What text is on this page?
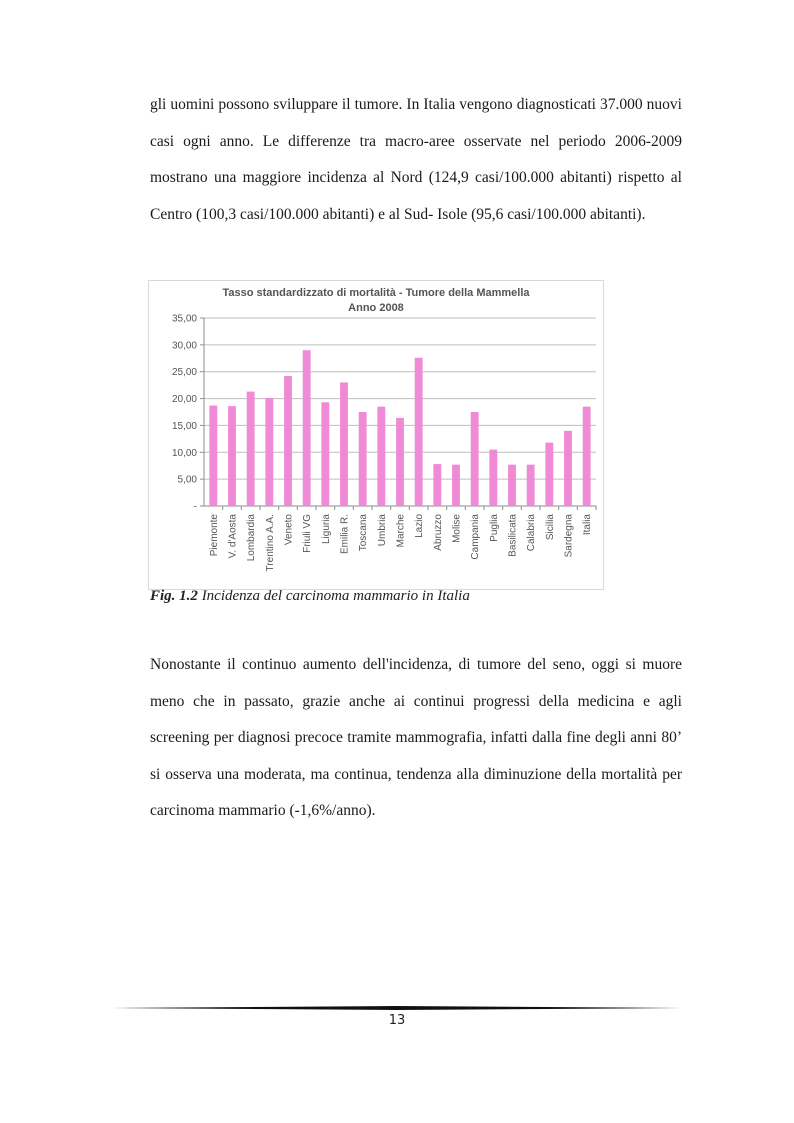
gli uomini possono sviluppare il tumore. In Italia vengono diagnosticati 37.000 nuovi casi ogni anno. Le differenze tra macro-aree osservate nel periodo 2006-2009 mostrano una maggiore incidenza al Nord (124,9 casi/100.000 abitanti) rispetto al Centro (100,3 casi/100.000 abitanti) e al Sud- Isole (95,6 casi/100.000 abitanti).

Tasso standardizzato di mortalità - Tumore della Mammella
Anno 2008
-
5,00
10,00
15,00
20,00
25,00
30,00
35,00
Piemonte V. d'Aosta Lombardia Trentino A.A. Veneto Friuli VG Liguria Emilia R. Toscana Umbria Marche Lazio Abruzzo Molise Campania Puglia Basilicata Calabria Sicilia Sardegna Italia
Fig. 1.2 Incidenza del carcinoma mammario in Italia

Nonostante il continuo aumento dell'incidenza, di tumore del seno, oggi si muore meno che in passato, grazie anche ai continui progressi della medicina e agli screening per diagnosi precoce tramite mammografia, infatti dalla fine degli anni 80’ si osserva una moderata, ma continua, tendenza alla diminuzione della mortalità per carcinoma mammario (-1,6%/anno).

13
